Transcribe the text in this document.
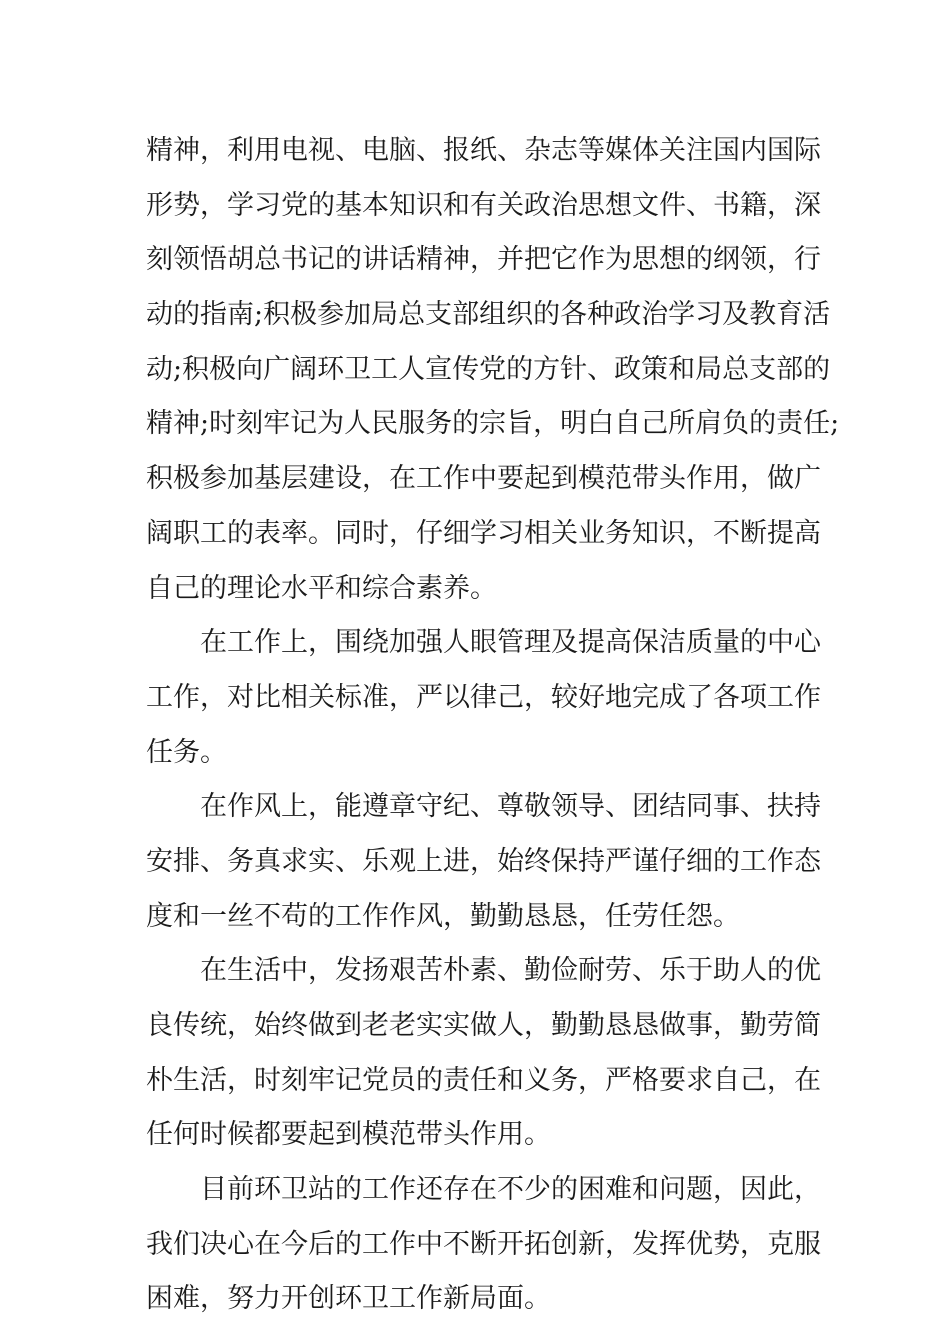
精神，利用电视、电脑、报纸、杂志等媒体关注国内国际
形势，学习党的基本知识和有关政治思想文件、书籍，深
刻领悟胡总书记的讲话精神，并把它作为思想的纲领，行
动的指南;积极参加局总支部组织的各种政治学习及教育活
动;积极向广阔环卫工人宣传党的方针、政策和局总支部的
精神;时刻牢记为人民服务的宗旨，明白自己所肩负的责任;
积极参加基层建设，在工作中要起到模范带头作用，做广
阔职工的表率。同时，仔细学习相关业务知识，不断提高
自己的理论水平和综合素养。

在工作上，围绕加强人眼管理及提高保洁质量的中心
工作，对比相关标准，严以律己，较好地完成了各项工作
任务。

在作风上，能遵章守纪、尊敬领导、团结同事、扶持
安排、务真求实、乐观上进，始终保持严谨仔细的工作态
度和一丝不苟的工作作风，勤勤恳恳，任劳任怨。

在生活中，发扬艰苦朴素、勤俭耐劳、乐于助人的优
良传统，始终做到老老实实做人，勤勤恳恳做事，勤劳简
朴生活，时刻牢记党员的责任和义务，严格要求自己，在
任何时候都要起到模范带头作用。

目前环卫站的工作还存在不少的困难和问题，因此，
我们决心在今后的工作中不断开拓创新，发挥优势，克服
困难，努力开创环卫工作新局面。
